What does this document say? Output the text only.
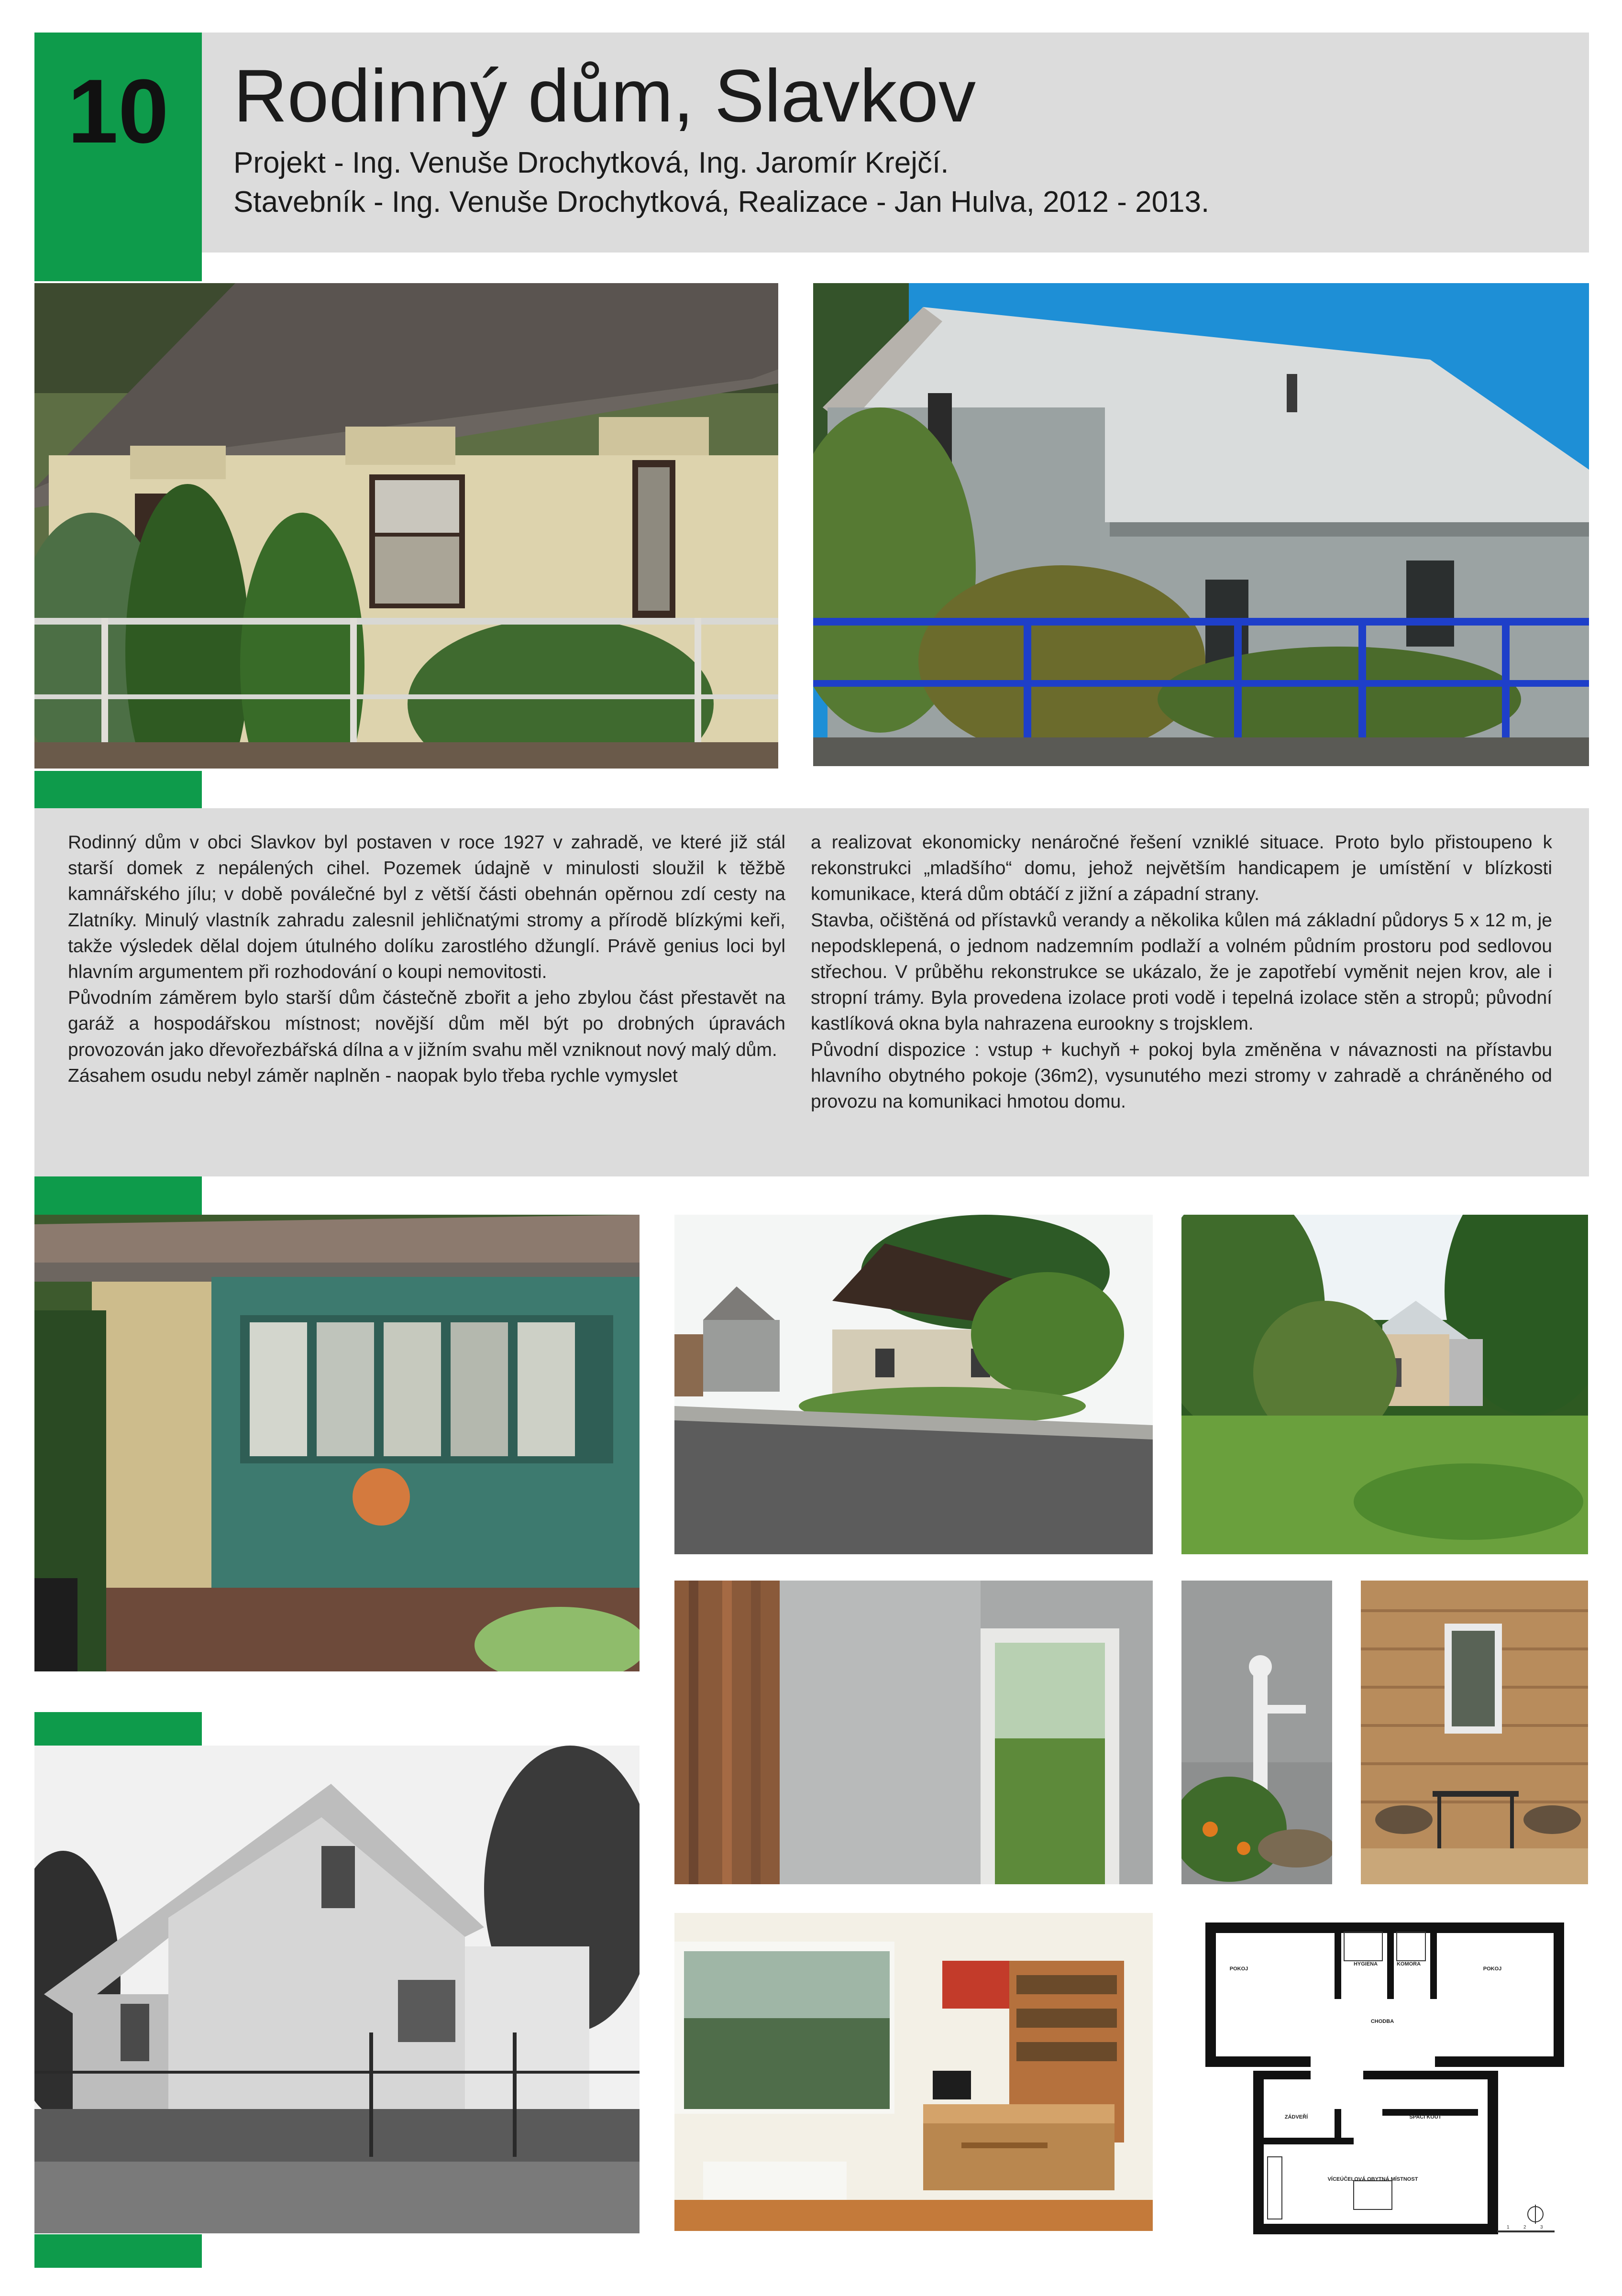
10 Rodinný dům, Slavkov
Projekt - Ing. Venuše Drochytková, Ing. Jaromír Krejčí.
Stavebník - Ing. Venuše Drochytková, Realizace - Jan Hulva, 2012 - 2013.

Rodinný dům v obci Slavkov byl postaven v roce 1927 v zahradě, ve které již stál starší domek z nepálených cihel. Pozemek údajně v minulosti sloužil k těžbě kamnářského jílu; v době poválečné byl z větší části obehnán opěrnou zdí cesty na Zlatníky. Minulý vlastník zahradu zalesnil jehličnatými stromy a přírodě blízkými keři, takže výsledek dělal dojem útulného dolíku zarostlého džunglí. Právě genius loci byl hlavním argumentem při rozhodování o koupi nemovitosti.

Původním záměrem bylo starší dům částečně zbořit a jeho zbylou část přestavět na garáž a hospodářskou místnost; novější dům měl být po drobných úpravách provozován jako dřevořezbářská dílna a v jižním svahu měl vzniknout nový malý dům.

Zásahem osudu nebyl záměr naplněn - naopak bylo třeba rychle vymyslet

a realizovat ekonomicky nenáročné řešení vzniklé situace. Proto bylo přistoupeno k rekonstrukci „mladšího“ domu, jehož největším handicapem je umístění v blízkosti komunikace, která dům obtáčí z jižní a západní strany.

Stavba, očištěná od přístavků verandy a několika kůlen má základní půdorys 5 x 12 m, je nepodsklepená, o jednom nadzemním podlaží a volném půdním prostoru pod sedlovou střechou. V průběhu rekonstrukce se ukázalo, že je zapotřebí vyměnit nejen krov, ale i stropní trámy. Byla provedena izolace proti vodě i tepelná izolace stěn a stropů; původní kastlíková okna byla nahrazena eurookny s trojsklem.

Původní dispozice : vstup + kuchyň + pokoj byla změněna v návaznosti na přístavbu hlavního obytného pokoje (36m2), vysunutého mezi stromy v zahradě a chráněného od provozu na komunikaci hmotou domu.

POKOJ
HYGIENA	KOMORA
POKOJ
CHODBA
ZÁDVEŘÍ	SPACÍ KOUT
VÍCEÚČELOVÁ OBYTNÁ MÍSTNOST
1	2	3
